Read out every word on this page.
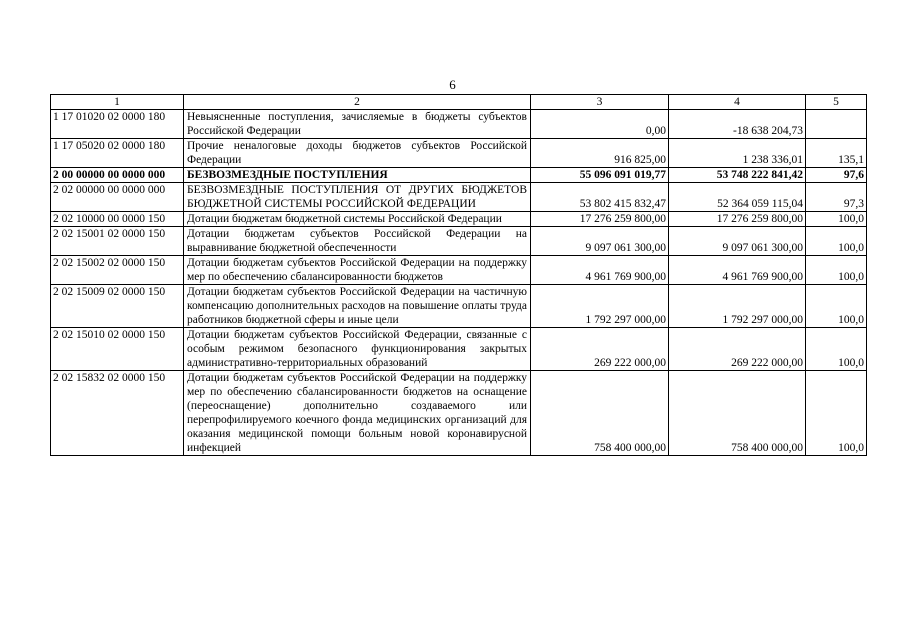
6
1	2	3	4	5
1 17 01020 02 0000 180	Невыясненные поступления, зачисляемые в бюджеты субъектов Российской Федерации	0,00	-18 638 204,73	
1 17 05020 02 0000 180	Прочие неналоговые доходы бюджетов субъектов Российской Федерации	916 825,00	1 238 336,01	135,1
2 00 00000 00 0000 000	БЕЗВОЗМЕЗДНЫЕ ПОСТУПЛЕНИЯ	55 096 091 019,77	53 748 222 841,42	97,6
2 02 00000 00 0000 000	БЕЗВОЗМЕЗДНЫЕ ПОСТУПЛЕНИЯ ОТ ДРУГИХ БЮДЖЕТОВ БЮДЖЕТНОЙ СИСТЕМЫ РОССИЙСКОЙ ФЕДЕРАЦИИ	53 802 415 832,47	52 364 059 115,04	97,3
2 02 10000 00 0000 150	Дотации бюджетам бюджетной системы Российской Федерации	17 276 259 800,00	17 276 259 800,00	100,0
2 02 15001 02 0000 150	Дотации бюджетам субъектов Российской Федерации на выравнивание бюджетной обеспеченности	9 097 061 300,00	9 097 061 300,00	100,0
2 02 15002 02 0000 150	Дотации бюджетам субъектов Российской Федерации на поддержку мер по обеспечению сбалансированности бюджетов	4 961 769 900,00	4 961 769 900,00	100,0
2 02 15009 02 0000 150	Дотации бюджетам субъектов Российской Федерации на частичную компенсацию дополнительных расходов на повышение оплаты труда работников бюджетной сферы и иные цели	1 792 297 000,00	1 792 297 000,00	100,0
2 02 15010 02 0000 150	Дотации бюджетам субъектов Российской Федерации, связанные с особым режимом безопасного функционирования закрытых административно-территориальных образований	269 222 000,00	269 222 000,00	100,0
2 02 15832 02 0000 150	Дотации бюджетам субъектов Российской Федерации на поддержку мер по обеспечению сбалансированности бюджетов на оснащение (переоснащение) дополнительно создаваемого или перепрофилируемого коечного фонда медицинских организаций для оказания медицинской помощи больным новой коронавирусной инфекцией	758 400 000,00	758 400 000,00	100,0
